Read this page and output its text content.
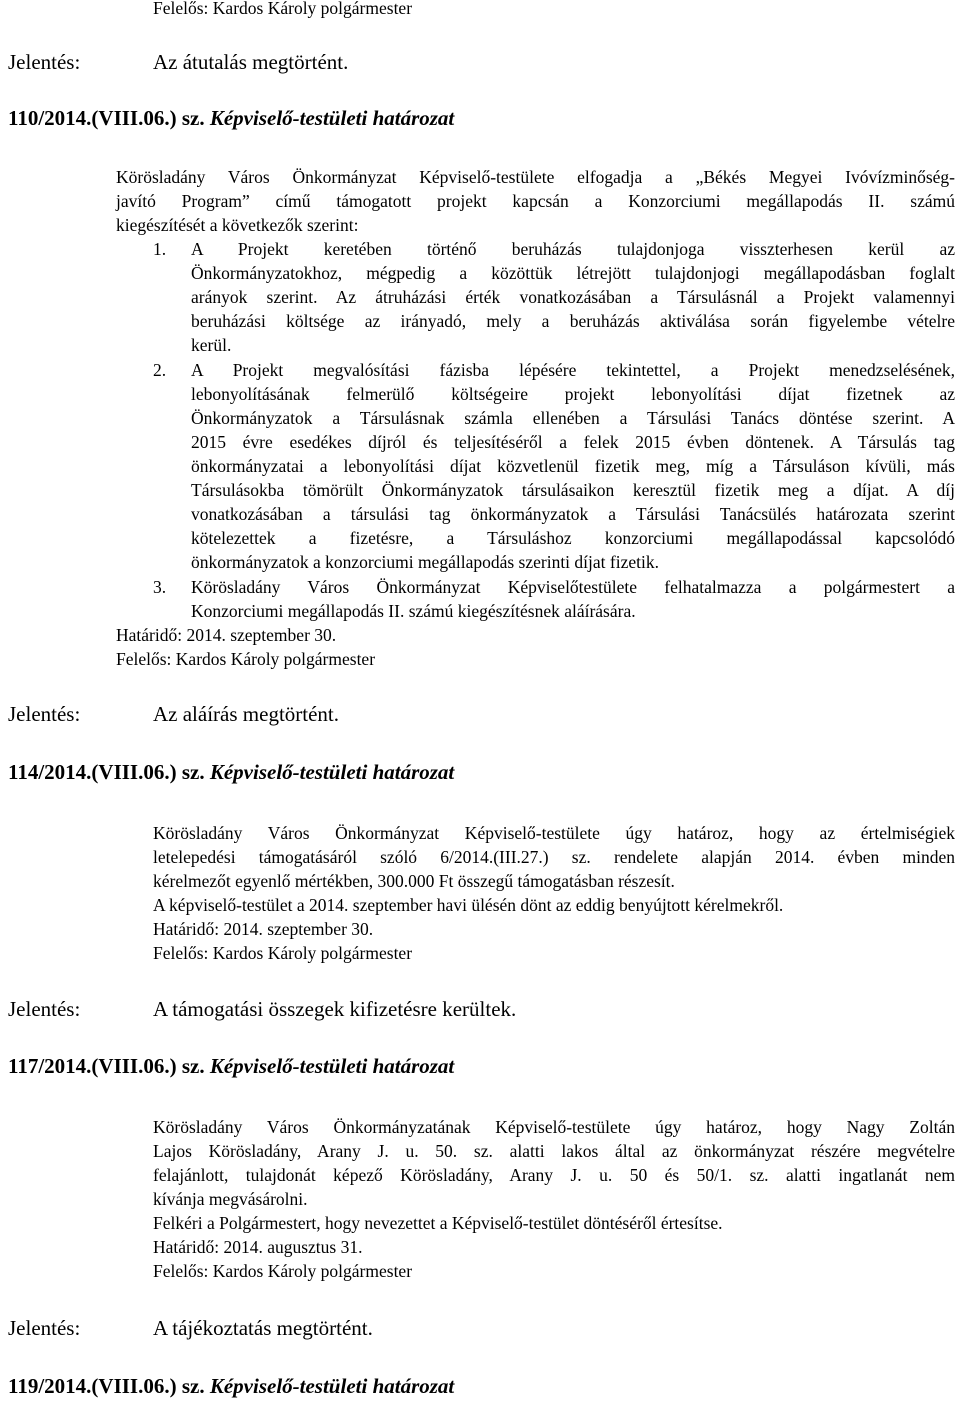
Felelős: Kardos Károly polgármester
Jelentés:	Az átutalás megtörtént.
110/2014.(VIII.06.) sz. Képviselő-testületi határozat
Körösladány Város Önkormányzat Képviselő-testülete elfogadja a „Békés Megyei Ivóvízminőség-
javító Program” című támogatott projekt kapcsán a Konzorciumi megállapodás II. számú
kiegészítését a következők szerint:
1. A Projekt keretében történő beruházás tulajdonjoga visszterhesen kerül az
Önkormányzatokhoz, mégpedig a közöttük létrejött tulajdonjogi megállapodásban foglalt
arányok szerint. Az átruházási érték vonatkozásában a Társulásnál a Projekt valamennyi
beruházási költsége az irányadó, mely a beruházás aktiválása során figyelembe vételre
kerül.
2. A Projekt megvalósítási fázisba lépésére tekintettel, a Projekt menedzselésének,
lebonyolításának felmerülő költségeire projekt lebonyolítási díjat fizetnek az
Önkormányzatok a Társulásnak számla ellenében a Társulási Tanács döntése szerint. A
2015 évre esedékes díjról és teljesítéséről a felek 2015 évben döntenek. A Társulás tag
önkormányzatai a lebonyolítási díjat közvetlenül fizetik meg, míg a Társuláson kívüli, más
Társulásokba tömörült Önkormányzatok társulásaikon keresztül fizetik meg a díjat. A díj
vonatkozásában a társulási tag önkormányzatok a Társulási Tanácsülés határozata szerint
kötelezettek a fizetésre, a Társuláshoz konzorciumi megállapodással kapcsolódó
önkormányzatok a konzorciumi megállapodás szerinti díjat fizetik.
3. Körösladány Város Önkormányzat Képviselőtestülete felhatalmazza a polgármestert a
Konzorciumi megállapodás II. számú kiegészítésnek aláírására.
Határidő: 2014. szeptember 30.
Felelős: Kardos Károly polgármester
Jelentés:	Az aláírás megtörtént.
114/2014.(VIII.06.) sz. Képviselő-testületi határozat
Körösladány Város Önkormányzat Képviselő-testülete úgy határoz, hogy az értelmiségiek
letelepedési támogatásáról szóló 6/2014.(III.27.) sz. rendelete alapján 2014. évben minden
kérelmezőt egyenlő mértékben, 300.000 Ft összegű támogatásban részesít.
A képviselő-testület a 2014. szeptember havi ülésén dönt az eddig benyújtott kérelmekről.
Határidő: 2014. szeptember 30.
Felelős: Kardos Károly polgármester
Jelentés:	A támogatási összegek kifizetésre kerültek.
117/2014.(VIII.06.) sz. Képviselő-testületi határozat
Körösladány Város Önkormányzatának Képviselő-testülete úgy határoz, hogy Nagy Zoltán
Lajos Körösladány, Arany J. u. 50. sz. alatti lakos által az önkormányzat részére megvételre
felajánlott, tulajdonát képező Körösladány, Arany J. u. 50 és 50/1. sz. alatti ingatlanát nem
kívánja megvásárolni.
Felkéri a Polgármestert, hogy nevezettet a Képviselő-testület döntéséről értesítse.
Határidő: 2014. augusztus 31.
Felelős: Kardos Károly polgármester
Jelentés:	A tájékoztatás megtörtént.
119/2014.(VIII.06.) sz. Képviselő-testületi határozat
